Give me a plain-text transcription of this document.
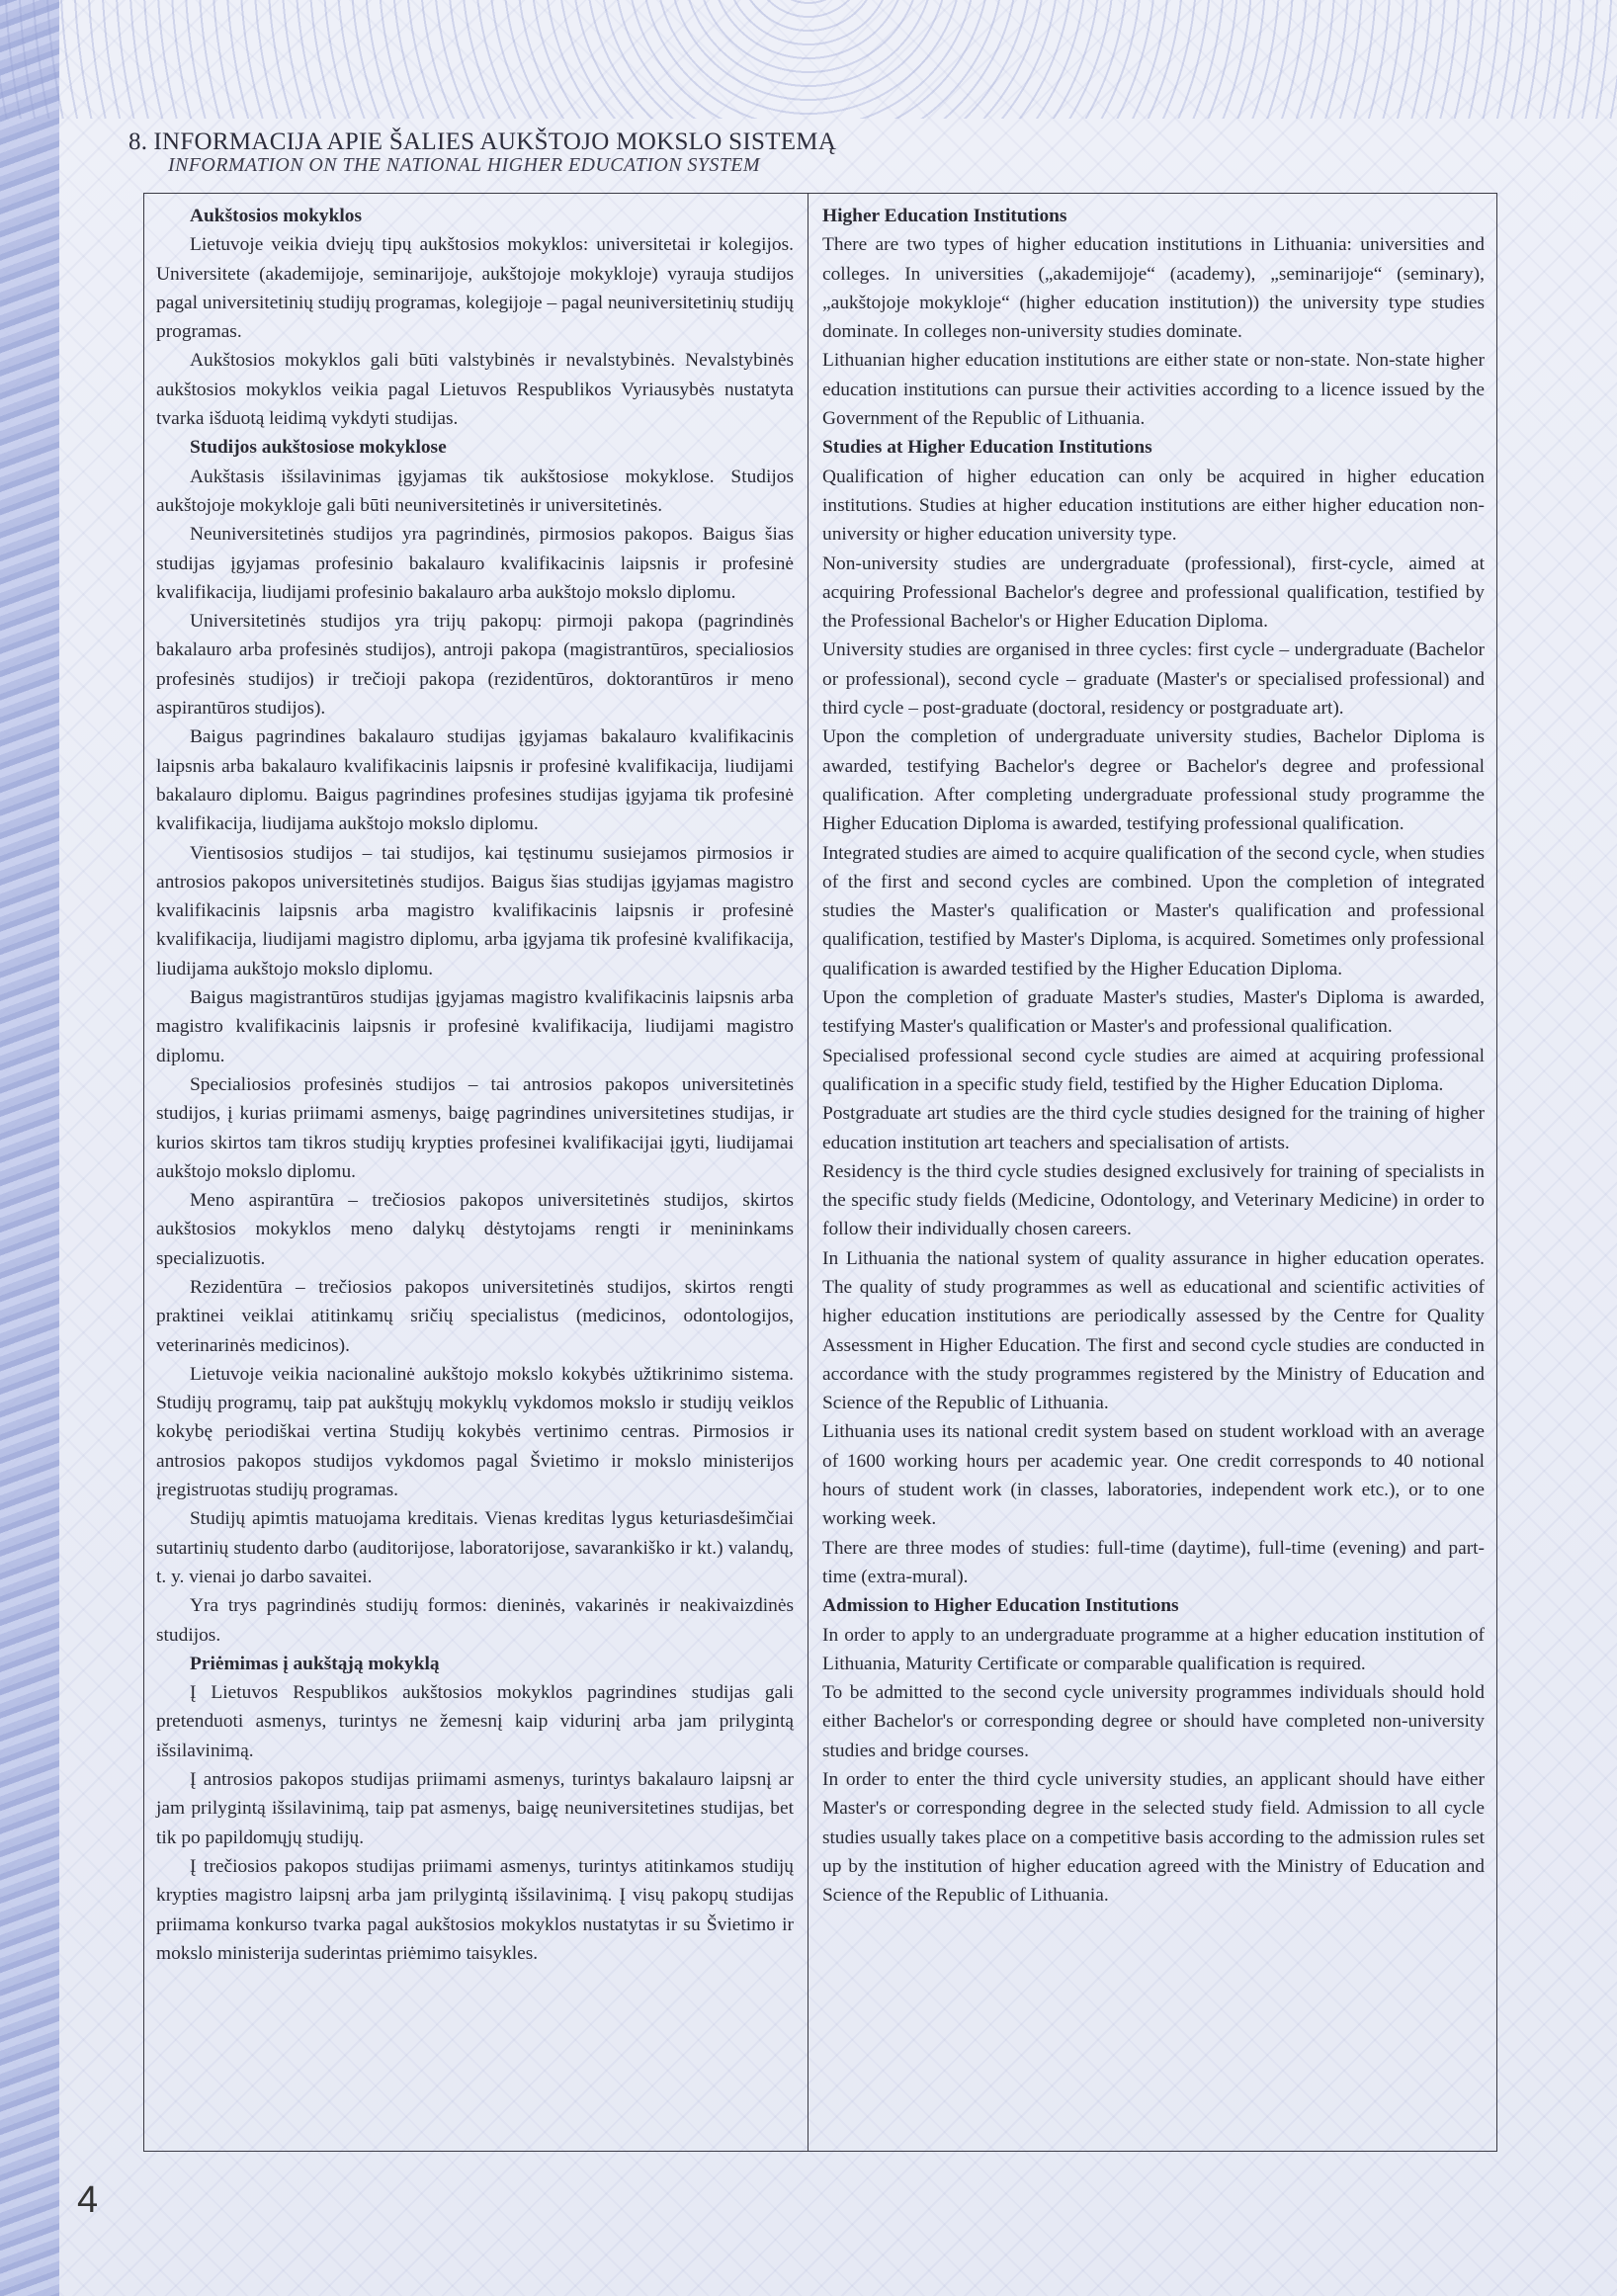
8. INFORMACIJA APIE ŠALIES AUKŠTOJO MOKSLO SISTEMĄ
INFORMATION ON THE NATIONAL HIGHER EDUCATION SYSTEM

Aukštosios mokyklos

Lietuvoje veikia dviejų tipų aukštosios mokyklos: universitetai ir kolegijos. Universitete (akademijoje, seminarijoje, aukštojoje mokykloje) vyrauja studijos pagal universitetinių studijų programas, kolegijoje – pagal neuniversitetinių studijų programas.

Aukštosios mokyklos gali būti valstybinės ir nevalstybinės. Nevalstybinės aukštosios mokyklos veikia pagal Lietuvos Respublikos Vyriausybės nustatyta tvarka išduotą leidimą vykdyti studijas.

Studijos aukštosiose mokyklose

Aukštasis išsilavinimas įgyjamas tik aukštosiose mokyklose. Studijos aukštojoje mokykloje gali būti neuniversitetinės ir universitetinės.

Neuniversitetinės studijos yra pagrindinės, pirmosios pakopos. Baigus šias studijas įgyjamas profesinio bakalauro kvalifikacinis laipsnis ir profesinė kvalifikacija, liudijami profesinio bakalauro arba aukštojo mokslo diplomu.

Universitetinės studijos yra trijų pakopų: pirmoji pakopa (pagrindinės bakalauro arba profesinės studijos), antroji pakopa (magistrantūros, specialiosios profesinės studijos) ir trečioji pakopa (rezidentūros, doktorantūros ir meno aspirantūros studijos).

Baigus pagrindines bakalauro studijas įgyjamas bakalauro kvalifikacinis laipsnis arba bakalauro kvalifikacinis laipsnis ir profesinė kvalifikacija, liudijami bakalauro diplomu. Baigus pagrindines profesines studijas įgyjama tik profesinė kvalifikacija, liudijama aukštojo mokslo diplomu.

Vientisosios studijos – tai studijos, kai tęstinumu susiejamos pirmosios ir antrosios pakopos universitetinės studijos. Baigus šias studijas įgyjamas magistro kvalifikacinis laipsnis arba magistro kvalifikacinis laipsnis ir profesinė kvalifikacija, liudijami magistro diplomu, arba įgyjama tik profesinė kvalifikacija, liudijama aukštojo mokslo diplomu.

Baigus magistrantūros studijas įgyjamas magistro kvalifikacinis laipsnis arba magistro kvalifikacinis laipsnis ir profesinė kvalifikacija, liudijami magistro diplomu.

Specialiosios profesinės studijos – tai antrosios pakopos universitetinės studijos, į kurias priimami asmenys, baigę pagrindines universitetines studijas, ir kurios skirtos tam tikros studijų krypties profesinei kvalifikacijai įgyti, liudijamai aukštojo mokslo diplomu.

Meno aspirantūra – trečiosios pakopos universitetinės studijos, skirtos aukštosios mokyklos meno dalykų dėstytojams rengti ir menininkams specializuotis.

Rezidentūra – trečiosios pakopos universitetinės studijos, skirtos rengti praktinei veiklai atitinkamų sričių specialistus (medicinos, odontologijos, veterinarinės medicinos).

Lietuvoje veikia nacionalinė aukštojo mokslo kokybės užtikrinimo sistema. Studijų programų, taip pat aukštųjų mokyklų vykdomos mokslo ir studijų veiklos kokybę periodiškai vertina Studijų kokybės vertinimo centras. Pirmosios ir antrosios pakopos studijos vykdomos pagal Švietimo ir mokslo ministerijos įregistruotas studijų programas.

Studijų apimtis matuojama kreditais. Vienas kreditas lygus keturiasdešimčiai sutartinių studento darbo (auditorijose, laboratorijose, savarankiško ir kt.) valandų, t. y. vienai jo darbo savaitei.

Yra trys pagrindinės studijų formos: dieninės, vakarinės ir neakivaizdinės studijos.

Priėmimas į aukštąją mokyklą

Į Lietuvos Respublikos aukštosios mokyklos pagrindines studijas gali pretenduoti asmenys, turintys ne žemesnį kaip vidurinį arba jam prilygintą išsilavinimą.

Į antrosios pakopos studijas priimami asmenys, turintys bakalauro laipsnį ar jam prilygintą išsilavinimą, taip pat asmenys, baigę neuniversitetines studijas, bet tik po papildomųjų studijų.

Į trečiosios pakopos studijas priimami asmenys, turintys atitinkamos studijų krypties magistro laipsnį arba jam prilygintą išsilavinimą. Į visų pakopų studijas priimama konkurso tvarka pagal aukštosios mokyklos nustatytas ir su Švietimo ir mokslo ministerija suderintas priėmimo taisykles.

Higher Education Institutions

There are two types of higher education institutions in Lithuania: universities and colleges. In universities („akademijoje“ (academy), „seminarijoje“ (seminary), „aukštojoje mokykloje“ (higher education institution)) the university type studies dominate. In colleges non-university studies dominate.

Lithuanian higher education institutions are either state or non-state. Non-state higher education institutions can pursue their activities according to a licence issued by the Government of the Republic of Lithuania.

Studies at Higher Education Institutions

Qualification of higher education can only be acquired in higher education institutions. Studies at higher education institutions are either higher education non-university or higher education university type.

Non-university studies are undergraduate (professional), first-cycle, aimed at acquiring Professional Bachelor's degree and professional qualification, testified by the Professional Bachelor's or Higher Education Diploma.

University studies are organised in three cycles: first cycle – undergraduate (Bachelor or professional), second cycle – graduate (Master's or specialised professional) and third cycle – post-graduate (doctoral, residency or postgraduate art).

Upon the completion of undergraduate university studies, Bachelor Diploma is awarded, testifying Bachelor's degree or Bachelor's degree and professional qualification. After completing undergraduate professional study programme the Higher Education Diploma is awarded, testifying professional qualification.

Integrated studies are aimed to acquire qualification of the second cycle, when studies of the first and second cycles are combined. Upon the completion of integrated studies the Master's qualification or Master's qualification and professional qualification, testified by Master's Diploma, is acquired. Sometimes only professional qualification is awarded testified by the Higher Education Diploma.

Upon the completion of graduate Master's studies, Master's Diploma is awarded, testifying Master's qualification or Master's and professional qualification.

Specialised professional second cycle studies are aimed at acquiring professional qualification in a specific study field, testified by the Higher Education Diploma.

Postgraduate art studies are the third cycle studies designed for the training of higher education institution art teachers and specialisation of artists.

Residency is the third cycle studies designed exclusively for training of specialists in the specific study fields (Medicine, Odontology, and Veterinary Medicine) in order to follow their individually chosen careers.

In Lithuania the national system of quality assurance in higher education operates. The quality of study programmes as well as educational and scientific activities of higher education institutions are periodically assessed by the Centre for Quality Assessment in Higher Education. The first and second cycle studies are conducted in accordance with the study programmes registered by the Ministry of Education and Science of the Republic of Lithuania.

Lithuania uses its national credit system based on student workload with an average of 1600 working hours per academic year. One credit corresponds to 40 notional hours of student work (in classes, laboratories, independent work etc.), or to one working week.

There are three modes of studies: full-time (daytime), full-time (evening) and part-time (extra-mural).

Admission to Higher Education Institutions

In order to apply to an undergraduate programme at a higher education institution of Lithuania, Maturity Certificate or comparable qualification is required.

To be admitted to the second cycle university programmes individuals should hold either Bachelor's or corresponding degree or should have completed non-university studies and bridge courses.

In order to enter the third cycle university studies, an applicant should have either Master's or corresponding degree in the selected study field. Admission to all cycle studies usually takes place on a competitive basis according to the admission rules set up by the institution of higher education agreed with the Ministry of Education and Science of the Republic of Lithuania.

4
